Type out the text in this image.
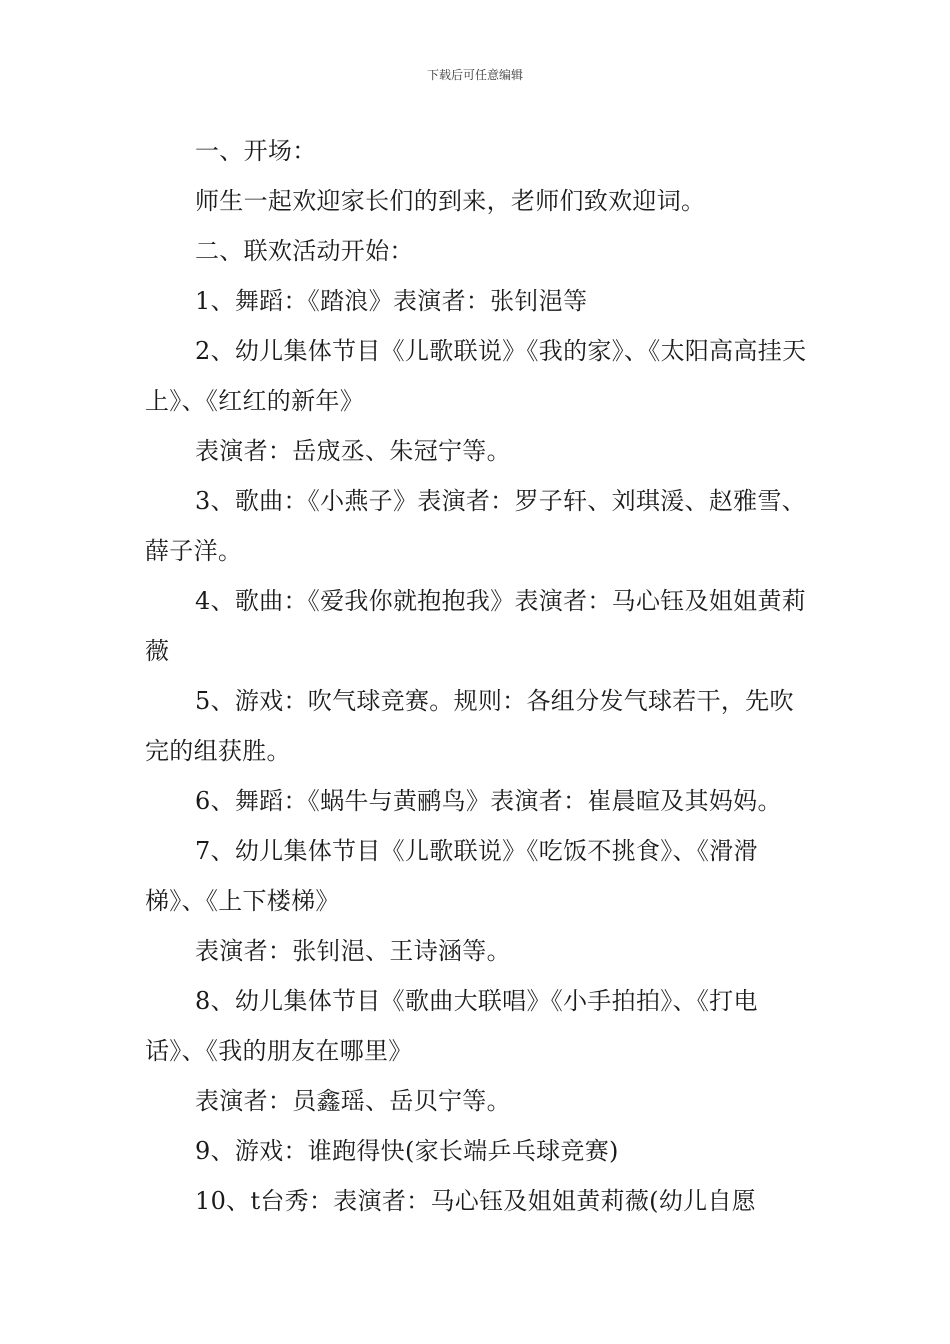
下载后可任意编辑

一、开场：

师生一起欢迎家长们的到来，老师们致欢迎词。

二、联欢活动开始：

1、舞蹈：《踏浪》表演者：张钊浥等

2、幼儿集体节目《儿歌联说》《我的家》、《太阳高高挂天上》、《红红的新年》

表演者：岳宬丞、朱冠宁等。

3、歌曲：《小燕子》表演者：罗子轩、刘琪湲、赵雅雪、薛子洋。

4、歌曲：《爱我你就抱抱我》表演者：马心钰及姐姐黄莉薇

5、游戏：吹气球竞赛。规则：各组分发气球若干，先吹完的组获胜。

6、舞蹈：《蜗牛与黄鹂鸟》表演者：崔晨暄及其妈妈。

7、幼儿集体节目《儿歌联说》《吃饭不挑食》、《滑滑梯》、《上下楼梯》

表演者：张钊浥、王诗涵等。

8、幼儿集体节目《歌曲大联唱》《小手拍拍》、《打电话》、《我的朋友在哪里》

表演者：员鑫瑶、岳贝宁等。

9、游戏：谁跑得快(家长端乒乓球竞赛)

10、t台秀：表演者：马心钰及姐姐黄莉薇(幼儿自愿
